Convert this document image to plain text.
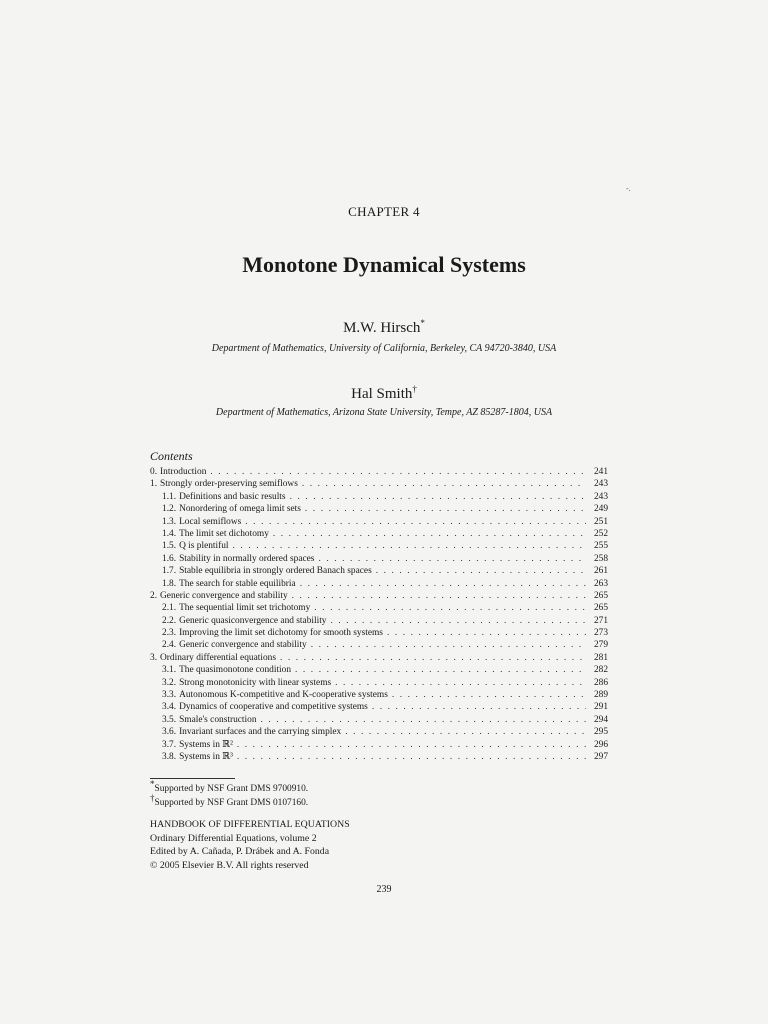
-.
CHAPTER 4
Monotone Dynamical Systems
M.W. Hirsch*
Department of Mathematics, University of California, Berkeley, CA 94720-3840, USA
Hal Smith†
Department of Mathematics, Arizona State University, Tempe, AZ 85287-1804, USA
Contents
0. Introduction . . .	241
1. Strongly order-preserving semiflows . . .	243
1.1. Definitions and basic results . . .	243
1.2. Nonordering of omega limit sets . . .	249
1.3. Local semiflows . . .	251
1.4. The limit set dichotomy . . .	252
1.5. Q is plentiful . . .	255
1.6. Stability in normally ordered spaces . . .	258
1.7. Stable equilibria in strongly ordered Banach spaces . . .	261
1.8. The search for stable equilibria . . .	263
2. Generic convergence and stability . . .	265
2.1. The sequential limit set trichotomy . . .	265
2.2. Generic quasiconvergence and stability . . .	271
2.3. Improving the limit set dichotomy for smooth systems . . .	273
2.4. Generic convergence and stability . . .	279
3. Ordinary differential equations . . .	281
3.1. The quasimonotone condition . . .	282
3.2. Strong monotonicity with linear systems . . .	286
3.3. Autonomous K-competitive and K-cooperative systems . . .	289
3.4. Dynamics of cooperative and competitive systems . . .	291
3.5. Smale's construction . . .	294
3.6. Invariant surfaces and the carrying simplex . . .	295
3.7. Systems in ℝ² . . .	296
3.8. Systems in ℝ³ . . .	297
*Supported by NSF Grant DMS 9700910.
†Supported by NSF Grant DMS 0107160.
HANDBOOK OF DIFFERENTIAL EQUATIONS
Ordinary Differential Equations, volume 2
Edited by A. Cañada, P. Drábek and A. Fonda
© 2005 Elsevier B.V. All rights reserved
239
